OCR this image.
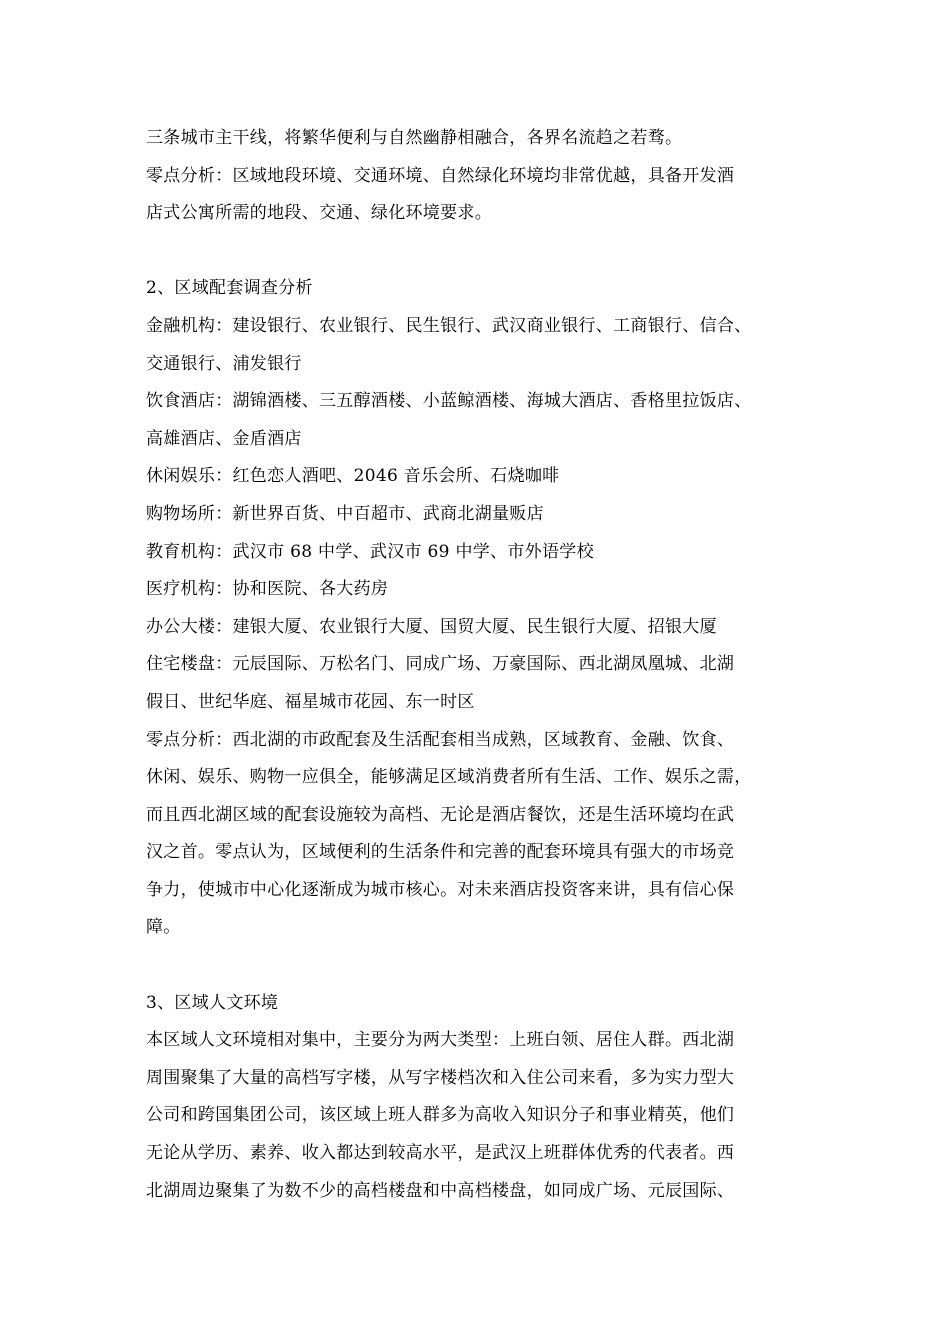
三条城市主干线，将繁华便利与自然幽静相融合，各界名流趋之若骛。
零点分析：区域地段环境、交通环境、自然绿化环境均非常优越，具备开发酒
店式公寓所需的地段、交通、绿化环境要求。
2、区域配套调查分析
金融机构：建设银行、农业银行、民生银行、武汉商业银行、工商银行、信合、
交通银行、浦发银行
饮食酒店：湖锦酒楼、三五醇酒楼、小蓝鲸酒楼、海城大酒店、香格里拉饭店、
高雄酒店、金盾酒店
休闲娱乐：红色恋人酒吧、2046 音乐会所、石烧咖啡
购物场所：新世界百货、中百超市、武商北湖量贩店
教育机构：武汉市 68 中学、武汉市 69 中学、市外语学校
医疗机构：协和医院、各大药房
办公大楼：建银大厦、农业银行大厦、国贸大厦、民生银行大厦、招银大厦
住宅楼盘：元辰国际、万松名门、同成广场、万豪国际、西北湖凤凰城、北湖
假日、世纪华庭、福星城市花园、东一时区
零点分析：西北湖的市政配套及生活配套相当成熟，区域教育、金融、饮食、
休闲、娱乐、购物一应俱全，能够满足区域消费者所有生活、工作、娱乐之需，
而且西北湖区域的配套设施较为高档、无论是酒店餐饮，还是生活环境均在武
汉之首。零点认为，区域便利的生活条件和完善的配套环境具有强大的市场竞
争力，使城市中心化逐渐成为城市核心。对未来酒店投资客来讲，具有信心保
障。
3、区域人文环境
本区域人文环境相对集中，主要分为两大类型：上班白领、居住人群。西北湖
周围聚集了大量的高档写字楼，从写字楼档次和入住公司来看，多为实力型大
公司和跨国集团公司，该区域上班人群多为高收入知识分子和事业精英，他们
无论从学历、素养、收入都达到较高水平，是武汉上班群体优秀的代表者。西
北湖周边聚集了为数不少的高档楼盘和中高档楼盘，如同成广场、元辰国际、
